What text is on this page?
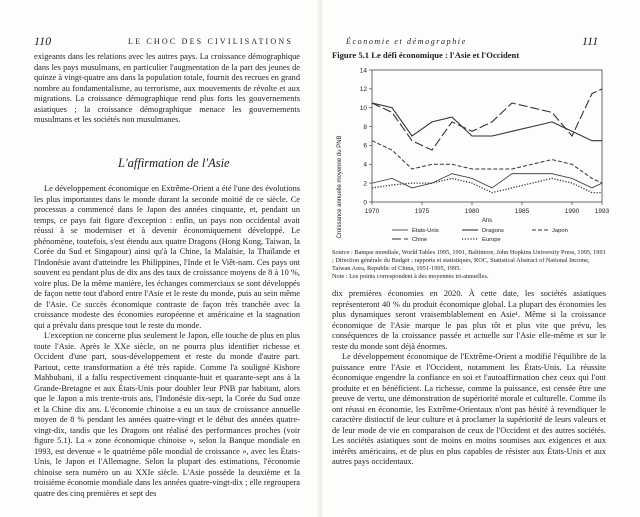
110	LE CHOC DES CIVILISATIONS

exigeants dans les relations avec les autres pays. La croissance démographique dans les pays musulmans, en particulier l'augmentation de la part des jeunes de quinze à vingt-quatre ans dans la population totale, fournit des recrues en grand nombre au fondamentalisme, au terrorisme, aux mouvements de révolte et aux migrations. La croissance démographique rend plus forts les gouvernements asiatiques ; la croissance démographique menace les gouvernements musulmans et les sociétés non musulmanes.

L'affirmation de l'Asie

Le développement économique en Extrême-Orient a été l'une des évolutions les plus importantes dans le monde durant la seconde moitié de ce siècle. Ce processus a commencé dans le Japon des années cinquante, et, pendant un temps, ce pays fait figure d'exception : enfin, un pays non occidental avait réussi à se moderniser et à devenir économiquement développé. Le phénomène, toutefois, s'est étendu aux quatre Dragons (Hong Kong, Taiwan, la Corée du Sud et Singapour) ainsi qu'à la Chine, la Malaisie, la Thaïlande et l'Indonésie avant d'atteindre les Philippines, l'Inde et le Viêt-nam. Ces pays ont souvent eu pendant plus de dix ans des taux de croissance moyens de 8 à 10 %, voire plus. De la même manière, les échanges commerciaux se sont développés de façon nette tout d'abord entre l'Asie et le reste du monde, puis au sein même de l'Asie. Ce succès économique contraste de façon très tranchée avec la croissance modeste des économies européenne et américaine et la stagnation qui a prévalu dans presque tout le reste du monde.

L'exception ne concerne plus seulement le Japon, elle touche de plus en plus toute l'Asie. Après le XXe siècle, on ne pourra plus identifier richesse et Occident d'une part, sous-développement et reste du monde d'autre part. Partout, cette transformation a été très rapide. Comme l'a souligné Kishore Mahbubani, il a fallu respectivement cinquante-huit et quarante-sept ans à la Grande-Bretagne et aux États-Unis pour doubler leur PNB par habitant, alors que le Japon a mis trente-trois ans, l'Indonésie dix-sept, la Corée du Sud onze et la Chine dix ans. L'économie chinoise a eu un taux de croissance annuelle moyen de 8 % pendant les années quatre-vingt et le début des années quatre-vingt-dix, tandis que les Dragons ont réalisé des performances proches (voir figure 5.1). La « zone économique chinoise », selon la Banque mondiale en 1993, est devenue « le quatrième pôle mondial de croissance », avec les États-Unis, le Japon et l'Allemagne. Selon la plupart des estimations, l'économie chinoise sera numéro un au XXIe siècle. L'Asie possède la deuxième et la troisième économie mondiale dans les années quatre-vingt-dix ; elle regroupera quatre des cinq premières et sept des

Économie et démographie	111
Figure 5.1 Le défi économique : l'Asie et l'Occident
0
2
4
6
8
10
12
14
1970	1975	1980	1985	1990 1993
Croissance annuelle moyenne du PNB	Ans
États-Unis	Dragons	Japon
Chine	Europe

Source : Banque mondiale, World Tables 1995, 1991, Baltimore, John Hopkins University Press, 1995, 1991 ; Direction générale du Budget ; rapports et statistiques, ROC, Statistical Abstract of National Income, Taiwan Area, Republic of China, 1951-1995, 1995.

Note : Les points correspondent à des moyennes tri-annuelles.

dix premières économies en 2020. À cette date, les sociétés asiatiques représenteront 40 % du produit économique global. La plupart des économies les plus dynamiques seront vraisemblablement en Asie¹. Même si la croissance économique de l'Asie marque le pas plus tôt et plus vite que prévu, les conséquences de la croissance passée et actuelle sur l'Asie elle-même et sur le reste du monde sont déjà énormes.

Le développement économique de l'Extrême-Orient a modifié l'équilibre de la puissance entre l'Asie et l'Occident, notamment les États-Unis. La réussite économique engendre la confiance en soi et l'autoaffirmation chez ceux qui l'ont produite et en bénéficient. La richesse, comme la puissance, est censée être une preuve de vertu, une démonstration de supériorité morale et culturelle. Comme ils ont réussi en économie, les Extrême-Orientaux n'ont pas hésité à revendiquer le caractère distinctif de leur culture et à proclamer la supériorité de leurs valeurs et de leur mode de vie en comparaison de ceux de l'Occident et des autres sociétés. Les sociétés asiatiques sont de moins en moins soumises aux exigences et aux intérêts américains, et de plus en plus capables de résister aux États-Unis et aux autres pays occidentaux.
